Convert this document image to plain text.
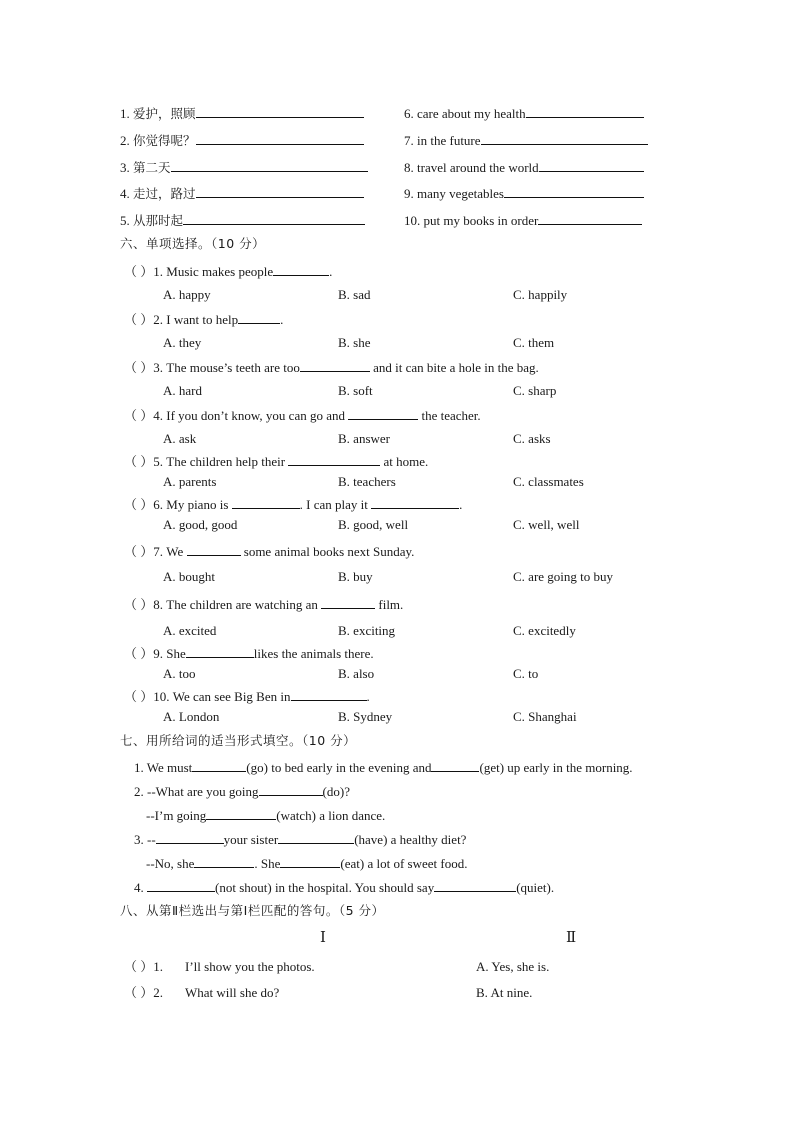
1. 爱护，照顾
2. 你觉得呢？
3. 第二天
4. 走过，路过
5. 从那时起
6. care about my health
7. in the future
8. travel around the world
9. many vegetables
10. put my books in order
六、单项选择。（10 分）
（ ）1. Music makes people	.
A. happy	B. sad	C. happily
（ ）2. I want to help	.
A. they	B. she	C. them
（ ）3. The mouse’s teeth are too	and it can bite a hole in the bag.
A. hard	B. soft	C. sharp
（ ）4. If you don’t know, you can go and	the teacher.
A. ask	B. answer	C. asks
（ ）5. The children help their	at home.
A. parents	B. teachers	C. classmates
（ ）6. My piano is	. I can play it	.
A. good, good	B. good, well	C. well, well
（ ）7. We	some animal books next Sunday.
A. bought	B. buy	C. are going to buy
（ ）8. The children are watching an	film.
A. excited	B. exciting	C. excitedly
（ ）9. She	likes the animals there.
A. too	B. also	C. to
（ ）10. We can see Big Ben in	.
A. London	B. Sydney	C. Shanghai
七、用所给词的适当形式填空。（10 分）
1. We must	(go) to bed early in the evening and	(get) up early in the morning.
2. --What are you going	(do)?
--I’m going	(watch) a lion dance.
3. --	your sister	(have) a healthy diet?
--No, she	. She	(eat) a lot of sweet food.
4.	(not shout) in the hospital. You should say	(quiet).
八、从第Ⅱ栏选出与第Ⅰ栏匹配的答句。（5 分）
Ⅰ	Ⅱ
（ ）1. I’ll show you the photos.	A. Yes, she is.
（ ）2. What will she do?	B. At nine.
